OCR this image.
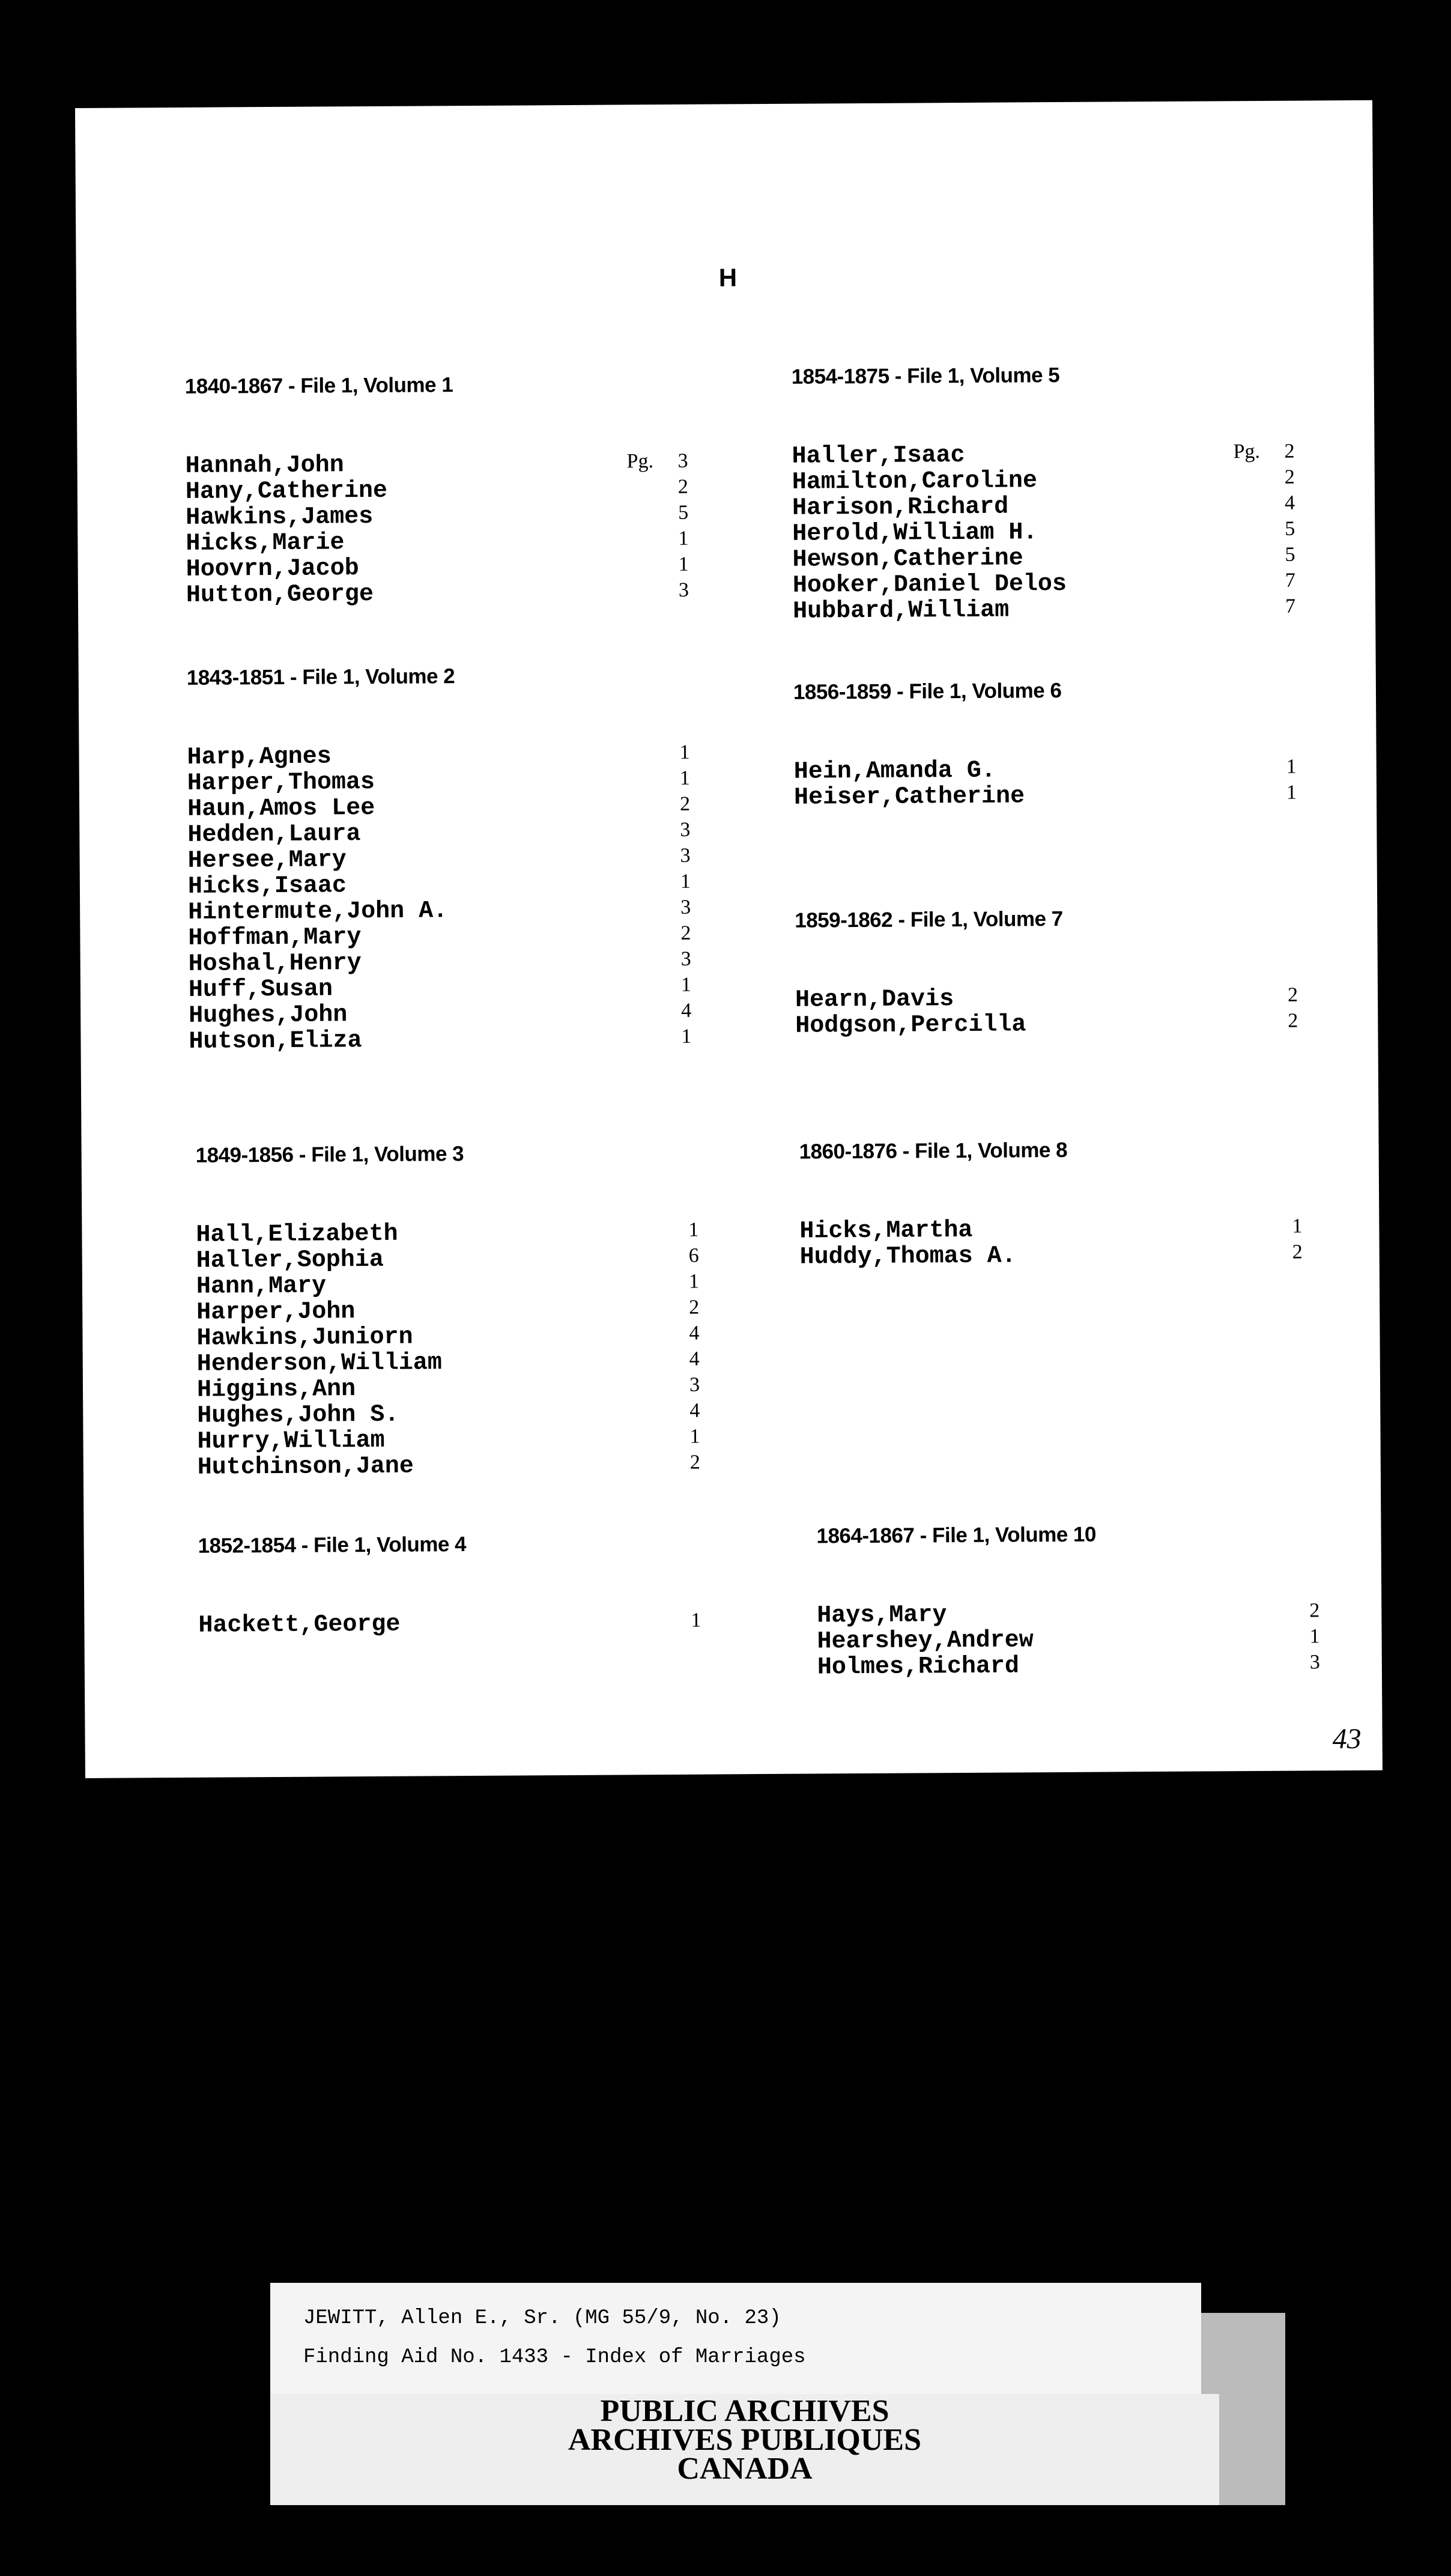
H
1840-1867 - File 1, Volume 1
Hannah,John	Pg. 3
Hany,Catherine	2
Hawkins,James	5
Hicks,Marie	1
Hoovrn,Jacob	1
Hutton,George	3
1843-1851 - File 1, Volume 2
Harp,Agnes	1
Harper,Thomas	1
Haun,Amos Lee	2
Hedden,Laura	3
Hersee,Mary	3
Hicks,Isaac	1
Hintermute,John A.	3
Hoffman,Mary	2
Hoshal,Henry	3
Huff,Susan	1
Hughes,John	4
Hutson,Eliza	1
1849-1856 - File 1, Volume 3
Hall,Elizabeth	1
Haller,Sophia	6
Hann,Mary	1
Harper,John	2
Hawkins,Juniorn	4
Henderson,William	4
Higgins,Ann	3
Hughes,John S.	4
Hurry,William	1
Hutchinson,Jane	2
1852-1854 - File 1, Volume 4
Hackett,George	1
1854-1875 - File 1, Volume 5
Haller,Isaac	Pg. 2
Hamilton,Caroline	2
Harison,Richard	4
Herold,William H.	5
Hewson,Catherine	5
Hooker,Daniel Delos	7
Hubbard,William	7
1856-1859 - File 1, Volume 6
Hein,Amanda G.	1
Heiser,Catherine	1
1859-1862 - File 1, Volume 7
Hearn,Davis	2
Hodgson,Percilla	2
1860-1876 - File 1, Volume 8
Hicks,Martha	1
Huddy,Thomas A.	2
1864-1867 - File 1, Volume 10
Hays,Mary	2
Hearshey,Andrew	1
Holmes,Richard	3
43
JEWITT, Allen E., Sr. (MG 55/9, No. 23)
Finding Aid No. 1433 - Index of Marriages
PUBLIC ARCHIVES
ARCHIVES PUBLIQUES
CANADA
